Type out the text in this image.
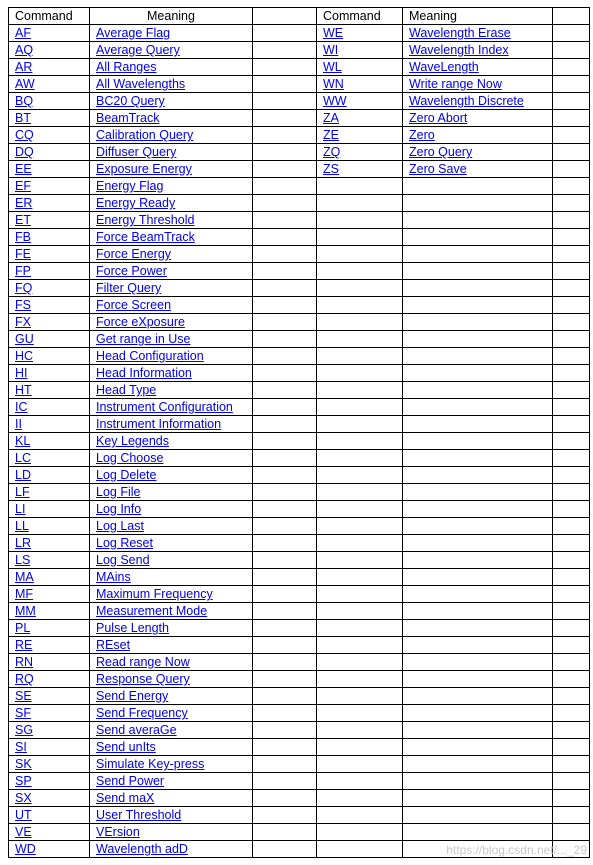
Command	Meaning		Command	Meaning	
AF	Average Flag		WE	Wavelength Erase	
AQ	Average Query		WI	Wavelength Index	
AR	All Ranges		WL	WaveLength	
AW	All Wavelengths		WN	Write range Now	
BQ	BC20 Query		WW	Wavelength Discrete	
BT	BeamTrack		ZA	Zero Abort	
CQ	Calibration Query		ZE	Zero	
DQ	Diffuser Query		ZQ	Zero Query	
EE	Exposure Energy		ZS	Zero Save	
EF	Energy Flag				
ER	Energy Ready				
ET	Energy Threshold				
FB	Force BeamTrack				
FE	Force Energy				
FP	Force Power				
FQ	Filter Query				
FS	Force Screen				
FX	Force eXposure				
GU	Get range in Use				
HC	Head Configuration				
HI	Head Information				
HT	Head Type				
IC	Instrument Configuration				
II	Instrument Information				
KL	Key Legends				
LC	Log Choose				
LD	Log Delete				
LF	Log File				
LI	Log Info				
LL	Log Last				
LR	Log Reset				
LS	Log Send				
MA	MAins				
MF	Maximum Frequency				
MM	Measurement Mode				
PL	Pulse Length				
RE	REset				
RN	Read range Now				
RQ	Response Query				
SE	Send Energy				
SF	Send Frequency				
SG	Send averaGe				
SI	Send unIts				
SK	Simulate Key-press				
SP	Send Power				
SX	Send maX				
UT	User Threshold				
VE	VErsion				
WD	Wavelength adD					https://blog.csdn.net/..._29
